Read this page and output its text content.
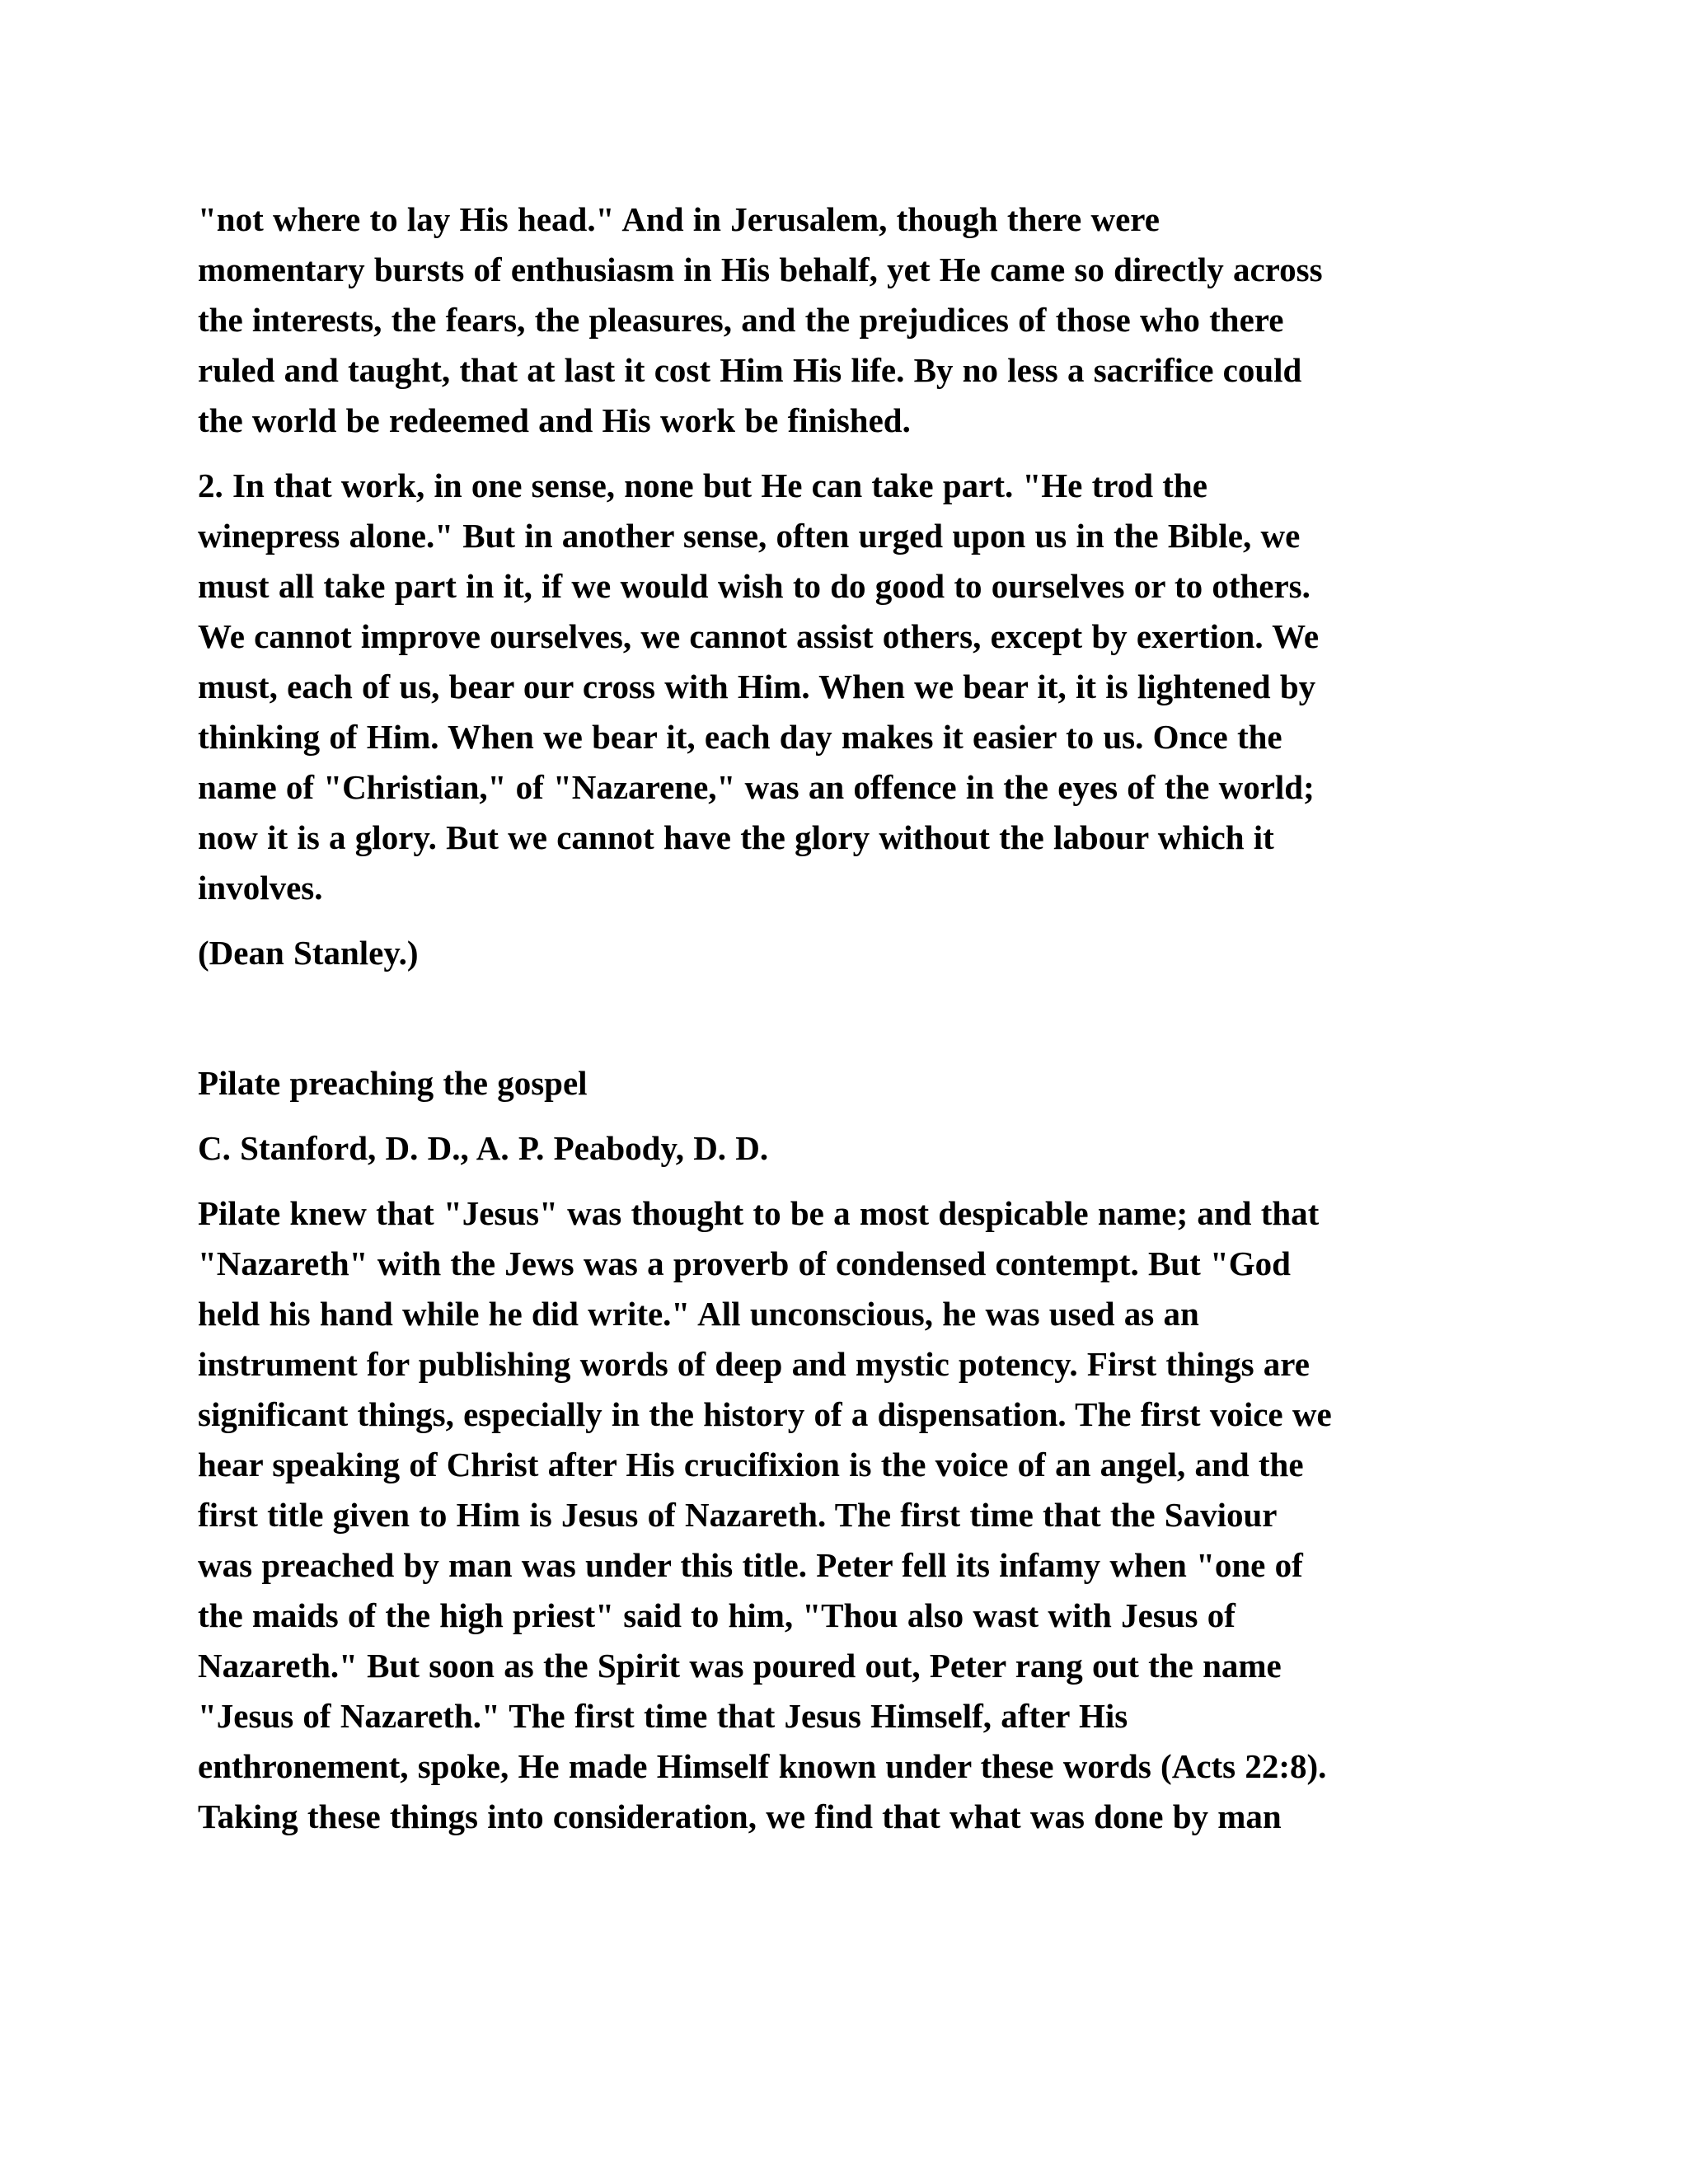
"not where to lay His head." And in Jerusalem, though there were
momentary bursts of enthusiasm in His behalf, yet He came so directly across
the interests, the fears, the pleasures, and the prejudices of those who there
ruled and taught, that at last it cost Him His life. By no less a sacrifice could
the world be redeemed and His work be finished.
2. In that work, in one sense, none but He can take part. "He trod the
winepress alone." But in another sense, often urged upon us in the Bible, we
must all take part in it, if we would wish to do good to ourselves or to others.
We cannot improve ourselves, we cannot assist others, except by exertion. We
must, each of us, bear our cross with Him. When we bear it, it is lightened by
thinking of Him. When we bear it, each day makes it easier to us. Once the
name of "Christian," of "Nazarene," was an offence in the eyes of the world;
now it is a glory. But we cannot have the glory without the labour which it
involves.
(Dean Stanley.)
Pilate preaching the gospel
C. Stanford, D. D., A. P. Peabody, D. D.
Pilate knew that "Jesus" was thought to be a most despicable name; and that
"Nazareth" with the Jews was a proverb of condensed contempt. But "God
held his hand while he did write." All unconscious, he was used as an
instrument for publishing words of deep and mystic potency. First things are
significant things, especially in the history of a dispensation. The first voice we
hear speaking of Christ after His crucifixion is the voice of an angel, and the
first title given to Him is Jesus of Nazareth. The first time that the Saviour
was preached by man was under this title. Peter fell its infamy when "one of
the maids of the high priest" said to him, "Thou also wast with Jesus of
Nazareth." But soon as the Spirit was poured out, Peter rang out the name
"Jesus of Nazareth." The first time that Jesus Himself, after His
enthronement, spoke, He made Himself known under these words (Acts 22:8).
Taking these things into consideration, we find that what was done by man
